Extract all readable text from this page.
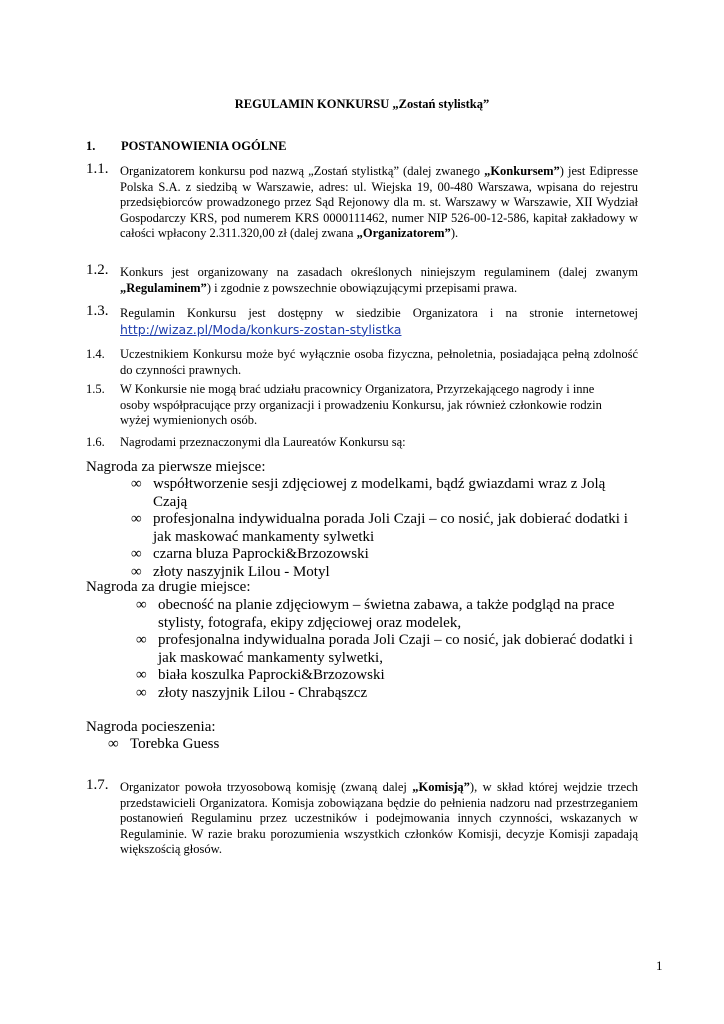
REGULAMIN KONKURSU „Zostań stylistką”
1. POSTANOWIENIA OGÓLNE
1.1. Organizatorem konkursu pod nazwą „Zostań stylistką” (dalej zwanego „Konkursem”) jest Edipresse Polska S.A. z siedzibą w Warszawie, adres: ul. Wiejska 19, 00-480 Warszawa, wpisana do rejestru przedsiębiorców prowadzonego przez Sąd Rejonowy dla m. st. Warszawy w Warszawie, XII Wydział Gospodarczy KRS, pod numerem KRS 0000111462, numer NIP 526-00-12-586, kapitał zakładowy w całości wpłacony 2.311.320,00 zł (dalej zwana „Organizatorem”).
1.2. Konkurs jest organizowany na zasadach określonych niniejszym regulaminem (dalej zwanym „Regulaminem”) i zgodnie z powszechnie obowiązującymi przepisami prawa.
1.3. Regulamin Konkursu jest dostępny w siedzibie Organizatora i na stronie internetowej
http://wizaz.pl/Moda/konkurs-zostan-stylistka
1.4. Uczestnikiem Konkursu może być wyłącznie osoba fizyczna, pełnoletnia, posiadająca pełną zdolność do czynności prawnych.
1.5. W Konkursie nie mogą brać udziału pracownicy Organizatora, Przyrzekającego nagrody i inne
osoby współpracujące przy organizacji i prowadzeniu Konkursu, jak również członkowie rodzin
wyżej wymienionych osób.
1.6. Nagrodami przeznaczonymi dla Laureatów Konkursu są:
Nagroda za pierwsze miejsce:
∞ współtworzenie sesji zdjęciowej z modelkami, bądź gwiazdami wraz z Jolą Czają
∞ profesjonalna indywidualna porada Joli Czaji – co nosić, jak dobierać dodatki i jak maskować mankamenty sylwetki
∞ czarna bluza Paprocki&Brzozowski
∞ złoty naszyjnik Lilou - Motyl
Nagroda za drugie miejsce:
∞ obecność na planie zdjęciowym – świetna zabawa, a także podgląd na prace stylisty, fotografa, ekipy zdjęciowej oraz modelek,
∞ profesjonalna indywidualna porada Joli Czaji – co nosić, jak dobierać dodatki i jak maskować mankamenty sylwetki,
∞ biała koszulka Paprocki&Brzozowski
∞ złoty naszyjnik Lilou - Chrabąszcz
Nagroda pocieszenia:
∞ Torebka Guess
1.7. Organizator powoła trzyosobową komisję (zwaną dalej „Komisją”), w skład której wejdzie trzech przedstawicieli Organizatora. Komisja zobowiązana będzie do pełnienia nadzoru nad przestrzeganiem postanowień Regulaminu przez uczestników i podejmowania innych czynności, wskazanych w Regulaminie. W razie braku porozumienia wszystkich członków Komisji, decyzje Komisji zapadają większością głosów.
1
